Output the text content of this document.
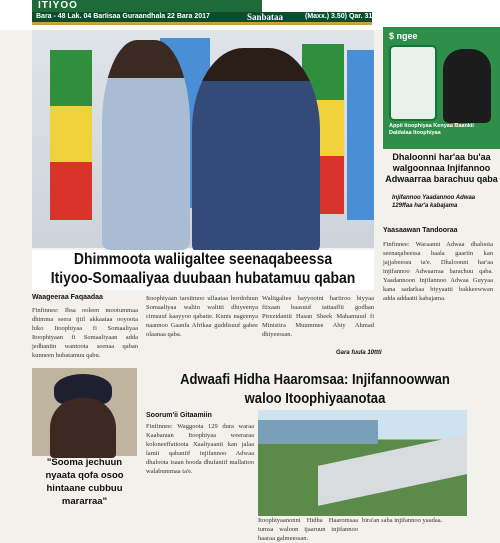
ITIYOO
Bara - 48 Lak. 04 BarIisaa Guraandhala 22 Bara 2017	Sanbataa	(Maxx.) 3.50) Qar. 3190
Dhimmoota waliigaltee seenaqabeessa
Itiyoo-Somaaliyaa duubaan hubatamuu qaban
Waageeraa Faqaadaa
Finfinnee: Ibsa ooleen mootummaa dhimma seera ijiil akkaataa ooyoota hiko Itoophiyaa fi Somaaliyaa Itoophiyaan fi Somaaliyaan adda jedhaniin wantoota seenaa qaban kunneen hubatamuu qabu.
Itoophiyaan tarsiimoo ulfaataa hordofuun Somaaliyaa waliin walitti dhiyeenya cimsuuf kaayyoo qabatte. Kunis nageenya naannoo Gaanfa Afrikaa guddisuuf gahee olaanaa qaba.
Waliigaltee hayyootni hariiroo biyyaa fiixaan baasuuf tattaaffii godhan Pirezidantii Hasan Sheek Mahamuud fi Ministira Muummee Abiy Ahmad dhiyeessan.
Gara fuula 10ttti
$ ngee
Appii Itoophiyaa Kenyaa Baankii Daldalaa Itoophiyaa
Dhaloonni har'aa bu'aa walgoonnaa Injifannoo Adwaarraa barachuu qaba
Injifannoo Yaadannoo Adwaa 129ffaa har'a kabajama
Yaasaawan Tandooraa
Finfinnee: Waraanni Adwaa dhaloota seenaqabeessa haala gaariin kan jajjabeessu ta'e. Dhaloonni har'aa injifannoo Adwaarraa barachuu qaba. Yaadannoon Injifannoo Adwaa Guyyaa kana sadarkaa biyyaatti bakkeewwan adda addaatti kabajama.
"Sooma jechuun nyaata qofa osoo hintaane cubbuu mararraa"
Adwaafi Hidha Haaromsaa: Injifannoowwan
waloo Itoophiyaanotaa
Soorum'ii Gitaamiin
Finfinnee: Waggoota 129 dura waraa Kaabaraan Itoophiyaa weeraraa koloneeffattoota Xaaliyaanii kan jalaa lamii qabaniif injifannoo Adwaa dhaloota isaan booda dhufaniif mallattoo walabummaa ta'e.
Itoophiyaanonni Hidha Haaromsaa tumsa waloon ijaaruun injifannoo haaraa galmeessan.
bira'an saba injifannoo yaadaa.
